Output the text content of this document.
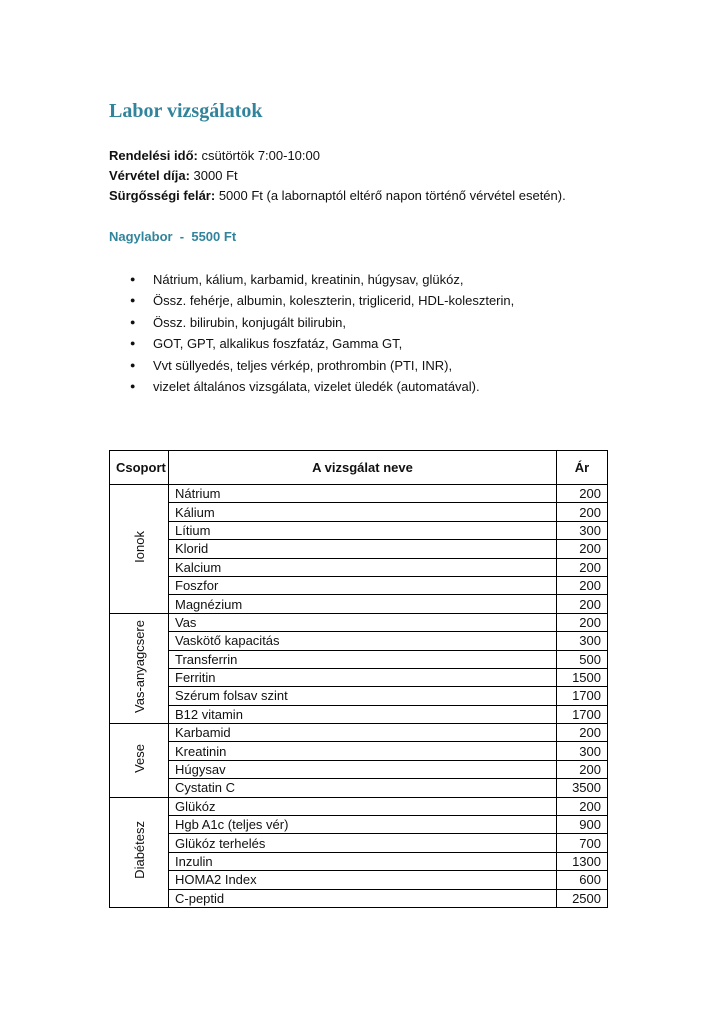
Labor vizsgálatok
Rendelési idő: csütörtök 7:00-10:00
Vérvétel díja: 3000 Ft
Sürgősségi felár: 5000 Ft (a labornaptól eltérő napon történő vérvétel esetén).
Nagylabor  -  5500 Ft
● Nátrium, kálium, karbamid, kreatinin, húgysav, glükóz,
● Össz. fehérje, albumin, koleszterin, triglicerid, HDL-koleszterin,
● Össz. bilirubin, konjugált bilirubin,
● GOT, GPT, alkalikus foszfatáz, Gamma GT,
● Vvt süllyedés, teljes vérkép, prothrombin (PTI, INR),
● vizelet általános vizsgálata, vizelet üledék (automatával).
Csoport	A vizsgálat neve	Ár
Ionok	Nátrium	200
	Kálium	200
	Lítium	300
	Klorid	200
	Kalcium	200
	Foszfor	200
	Magnézium	200
Vas-anyagcsere	Vas	200
	Vaskötő kapacitás	300
	Transferrin	500
	Ferritin	1500
	Szérum folsav szint	1700
	B12 vitamin	1700
Vese	Karbamid	200
	Kreatinin	300
	Húgysav	200
	Cystatin C	3500
Diabétesz	Glükóz	200
	Hgb A1c (teljes vér)	900
	Glükóz terhelés	700
	Inzulin	1300
	HOMA2 Index	600
	C-peptid	2500
